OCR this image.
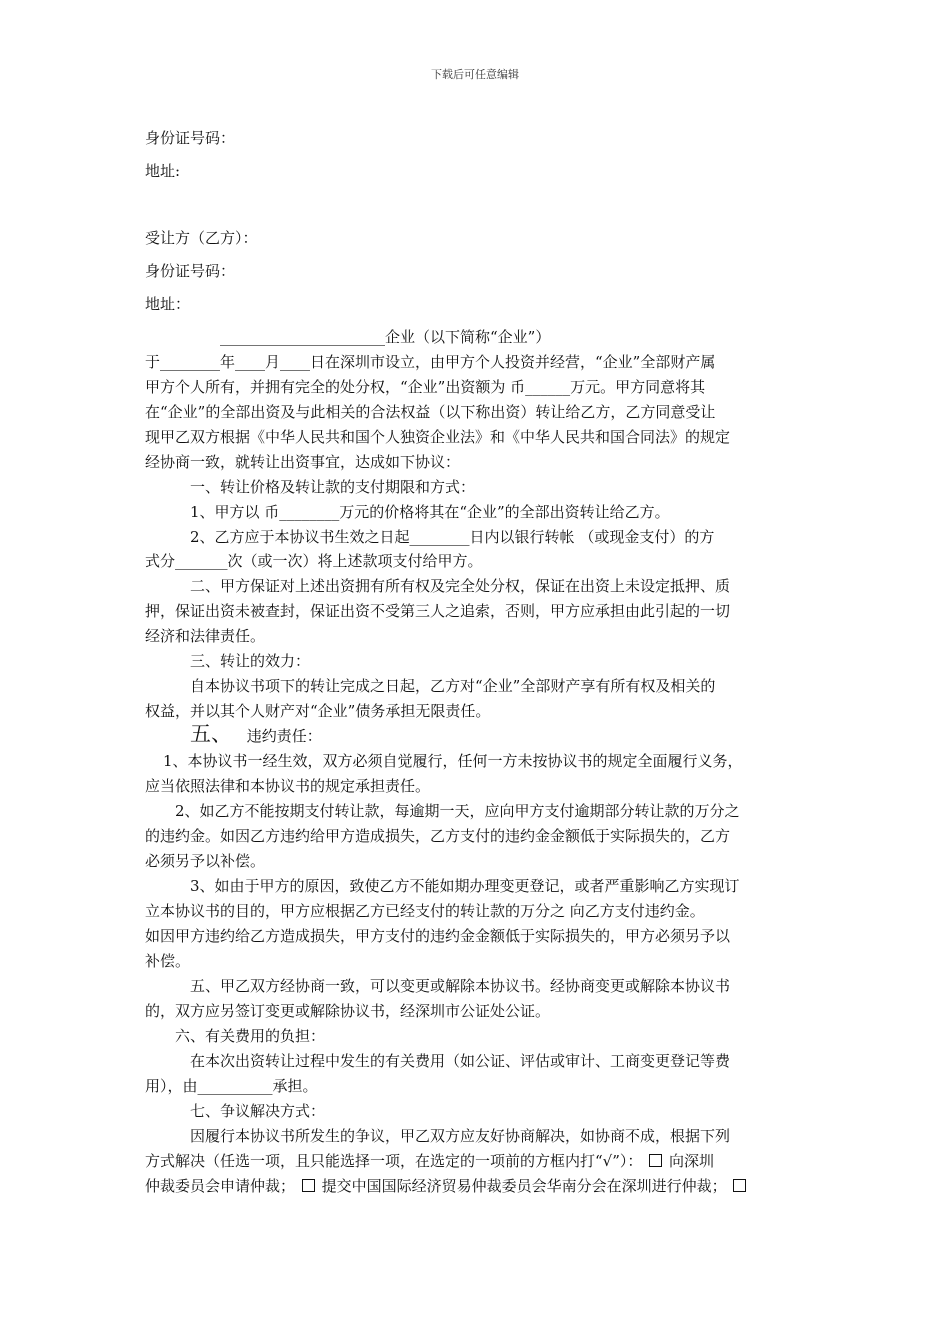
下载后可任意编辑
身份证号码：
地址:
受让方（乙方）：
身份证号码：
地址：
______________________企业（以下简称“企业”）
于________年____月____日在深圳市设立，由甲方个人投资并经营，“企业”全部财产属
甲方个人所有，并拥有完全的处分权，“企业”出资额为 币______万元。甲方同意将其
在“企业”的全部出资及与此相关的合法权益（以下称出资）转让给乙方，乙方同意受让
现甲乙双方根据《中华人民共和国个人独资企业法》和《中华人民共和国合同法》的规定
经协商一致，就转让出资事宜，达成如下协议：
一、转让价格及转让款的支付期限和方式：
1、甲方以 币________万元的价格将其在“企业”的全部出资转让给乙方。
2、乙方应于本协议书生效之日起________日内以银行转帐 （或现金支付）的方
式分_______次（或一次）将上述款项支付给甲方。
二、甲方保证对上述出资拥有所有权及完全处分权，保证在出资上未设定抵押、质
押，保证出资未被查封，保证出资不受第三人之追索，否则，甲方应承担由此引起的一切
经济和法律责任。
三、转让的效力：
自本协议书项下的转让完成之日起，乙方对“企业”全部财产享有所有权及相关的
权益，并以其个人财产对“企业”债务承担无限责任。
五、 违约责任：
1、本协议书一经生效，双方必须自觉履行，任何一方未按协议书的规定全面履行义务，
应当依照法律和本协议书的规定承担责任。
2、如乙方不能按期支付转让款，每逾期一天，应向甲方支付逾期部分转让款的万分之
的违约金。如因乙方违约给甲方造成损失，乙方支付的违约金金额低于实际损失的，乙方
必须另予以补偿。
3、如由于甲方的原因，致使乙方不能如期办理变更登记，或者严重影响乙方实现订
立本协议书的目的，甲方应根据乙方已经支付的转让款的万分之 向乙方支付违约金。
如因甲方违约给乙方造成损失，甲方支付的违约金金额低于实际损失的，甲方必须另予以
补偿。
五、甲乙双方经协商一致，可以变更或解除本协议书。经协商变更或解除本协议书
的，双方应另签订变更或解除协议书，经深圳市公证处公证。
六、有关费用的负担：
在本次出资转让过程中发生的有关费用（如公证、评估或审计、工商变更登记等费
用），由__________承担。
七、争议解决方式：
因履行本协议书所发生的争议，甲乙双方应友好协商解决，如协商不成，根据下列
方式解决（任选一项，且只能选择一项，在选定的一项前的方框内打“√”）： 向深圳
仲裁委员会申请仲裁； 提交中国国际经济贸易仲裁委员会华南分会在深圳进行仲裁；
